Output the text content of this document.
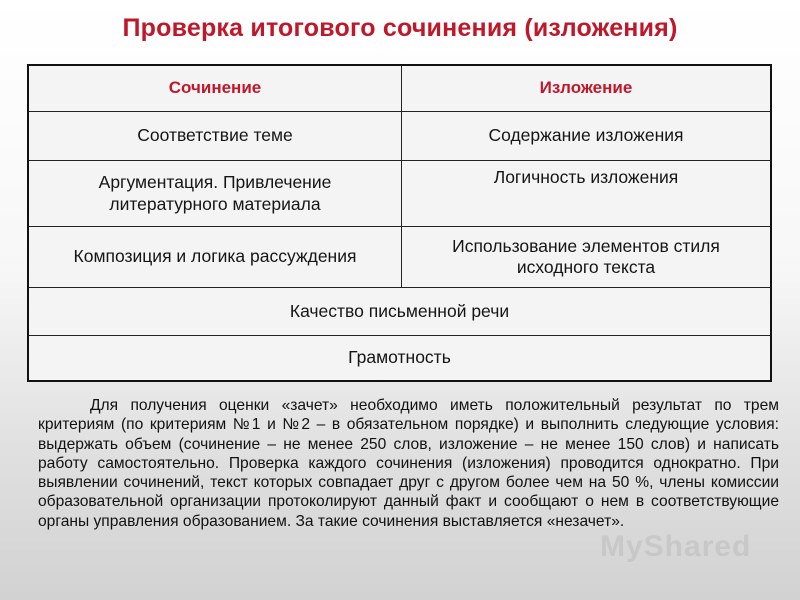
Проверка итогового сочинения (изложения)
Сочинение	Изложение
Соответствие теме	Содержание изложения
Аргументация. Привлечение литературного материала
Логичность изложения
Композиция и логика рассуждения
Использование элементов стиля исходного текста
Качество письменной речи
Грамотность
Для получения оценки «зачет» необходимо иметь положительный результат по трем критериям (по критериям №1 и №2 – в обязательном порядке) и выполнить следующие условия: выдержать объем (сочинение – не менее 250 слов, изложение – не менее 150 слов) и написать работу самостоятельно. Проверка каждого сочинения (изложения) проводится однократно. При выявлении сочинений, текст которых совпадает друг с другом более чем на 50 %, члены комиссии образовательной организации протоколируют данный факт и сообщают о нем в соответствующие органы управления образованием. За такие сочинения выставляется «незачет».
MyShared
